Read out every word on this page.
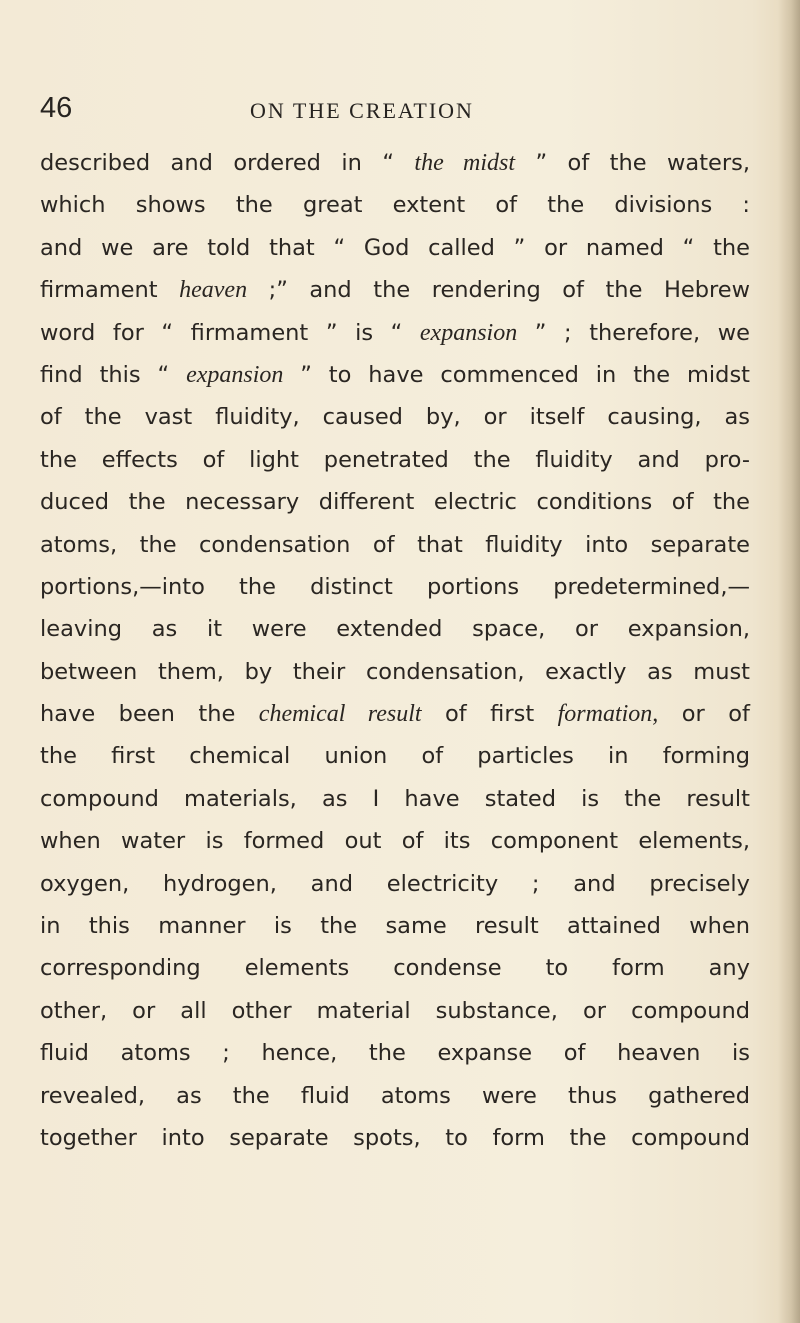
46	ON THE CREATION
described and ordered in “ the midst ” of the waters,
which shows the great extent of the divisions :
and we are told that “ God called ” or named “ the
firmament heaven ;” and the rendering of the Hebrew
word for “ firmament ” is “ expansion ” ; therefore, we
find this “ expansion ” to have commenced in the midst
of the vast fluidity, caused by, or itself causing, as
the effects of light penetrated the fluidity and pro-
duced the necessary different electric conditions of the
atoms, the condensation of that fluidity into separate
portions,—into the distinct portions predetermined,—
leaving as it were extended space, or expansion,
between them, by their condensation, exactly as must
have been the chemical result of first formation, or of
the first chemical union of particles in forming
compound materials, as I have stated is the result
when water is formed out of its component elements,
oxygen, hydrogen, and electricity ; and precisely
in this manner is the same result attained when
corresponding elements condense to form any
other, or all other material substance, or compound
fluid atoms ; hence, the expanse of heaven is
revealed, as the fluid atoms were thus gathered
together into separate spots, to form the compound
